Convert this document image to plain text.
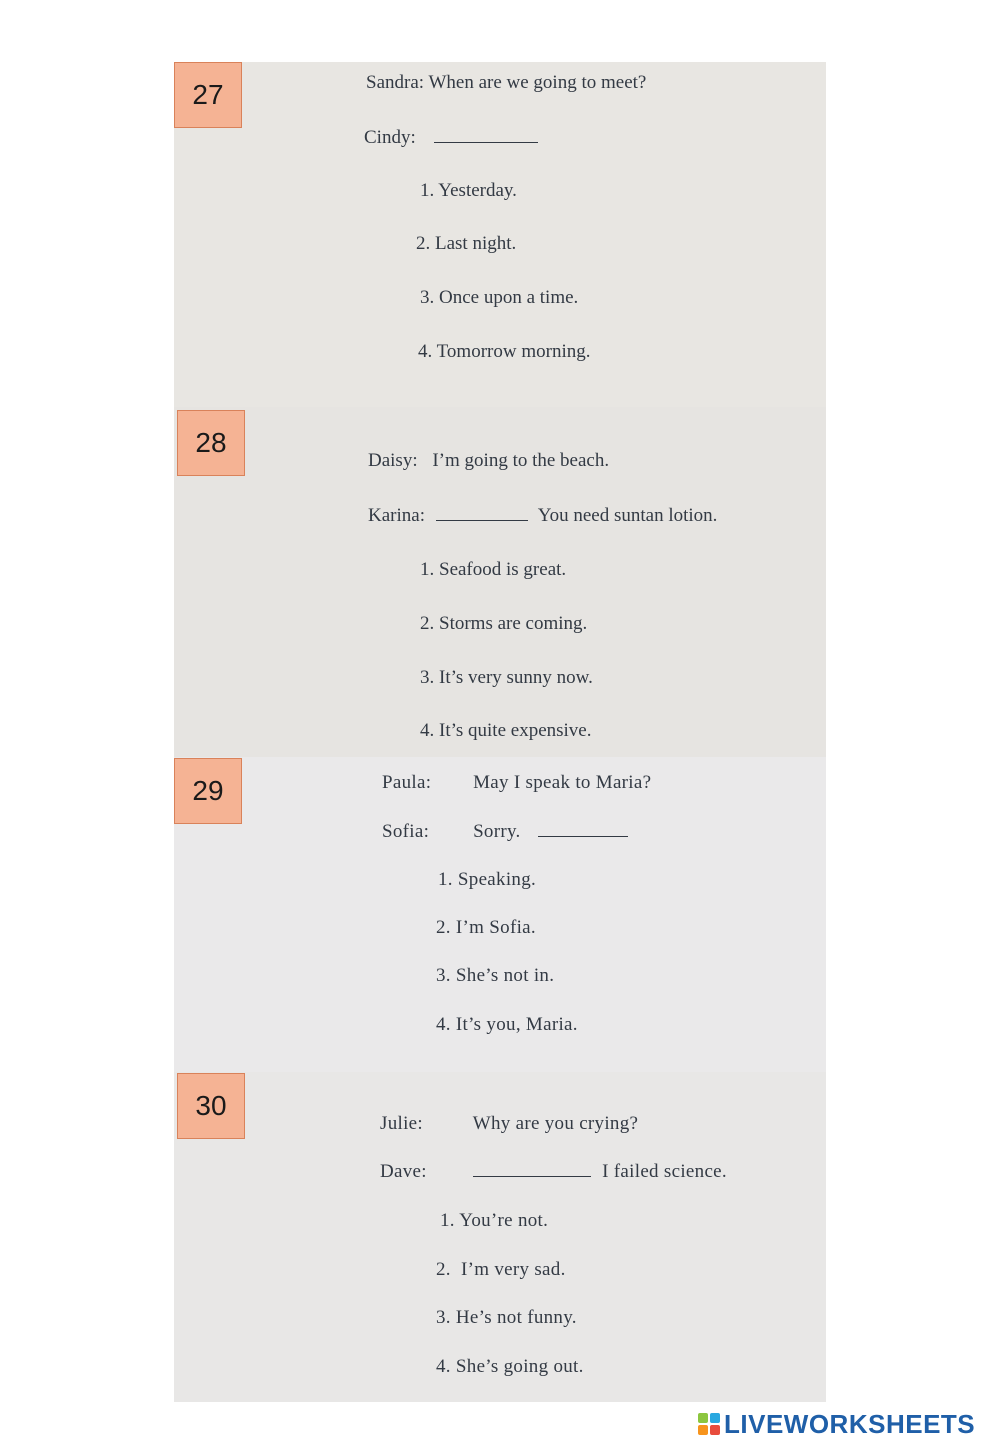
27	Sandra: When are we going to meet?
Cindy:
1. Yesterday.
2. Last night.
3. Once upon a time.
4. Tomorrow morning.
28
Daisy: I’m going to the beach.
Karina:	You need suntan lotion.
1. Seafood is great.
2. Storms are coming.
3. It’s very sunny now.
4. It’s quite expensive.
29	Paula: May I speak to Maria?
Sofia: Sorry.
1. Speaking.
2. I’m Sofia.
3. She’s not in.
4. It’s you, Maria.
30
Julie:	Why are you crying?
Dave:	I failed science.
1. You’re not.
2.  I’m very sad.
3. He’s not funny.
4. She’s going out.
LIVEWORKSHEETS
